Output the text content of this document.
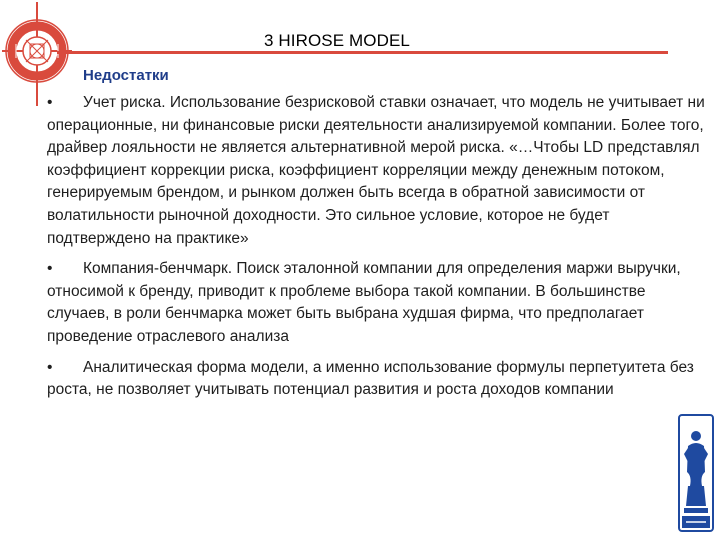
3 HIROSE MODEL
Недостатки
• Учет риска. Использование безрисковой ставки означает, что модель не учитывает ни операционные, ни финансовые риски деятельности анализируемой компании. Более того, драйвер лояльности не является альтернативной мерой риска. «…Чтобы LD представлял коэффициент коррекции риска, коэффициент корреляции между денежным потоком, генерируемым брендом, и рынком должен быть всегда в обратной зависимости от волатильности рыночной доходности. Это сильное условие, которое не будет подтверждено на практике»
• Компания-бенчмарк. Поиск эталонной компании для определения маржи выручки, относимой к бренду, приводит к проблеме выбора такой компании. В большинстве случаев, в роли бенчмарка может быть выбрана худшая фирма, что предполагает проведение отраслевого анализа
• Аналитическая форма модели, а именно использование формулы перпетуитета без роста, не позволяет учитывать потенциал развития и роста доходов компании
